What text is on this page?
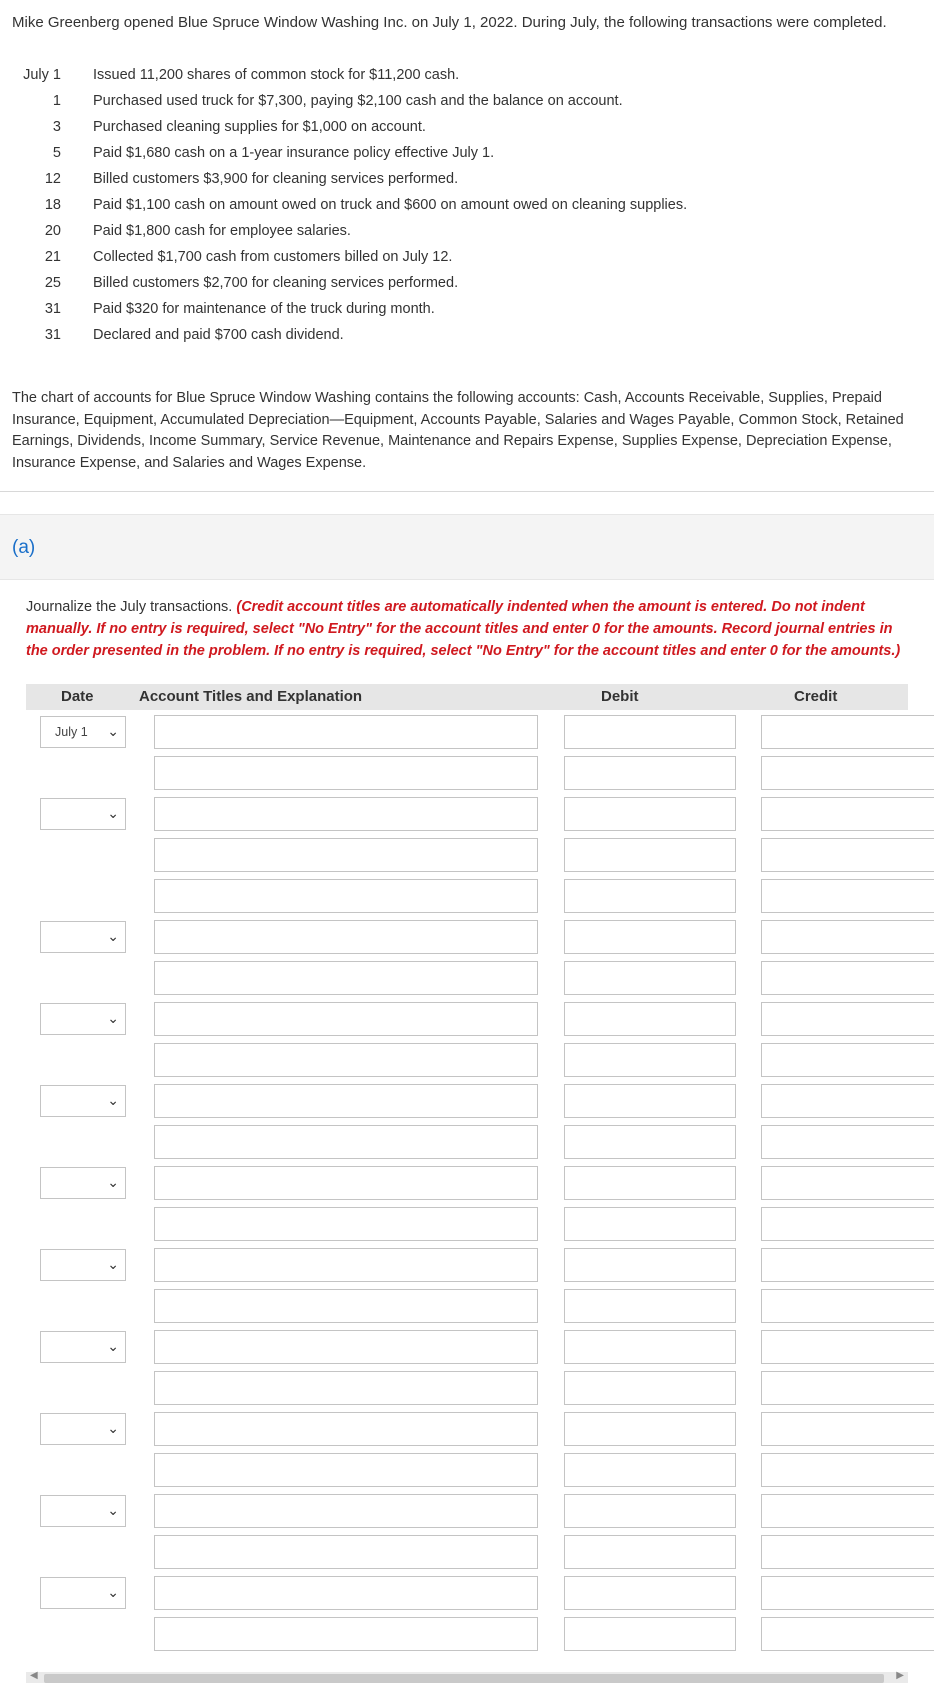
Mike Greenberg opened Blue Spruce Window Washing Inc. on July 1, 2022. During July, the following transactions were completed.
July 1 Issued 11,200 shares of common stock for $11,200 cash.
1 Purchased used truck for $7,300, paying $2,100 cash and the balance on account.
3 Purchased cleaning supplies for $1,000 on account.
5 Paid $1,680 cash on a 1-year insurance policy effective July 1.
12 Billed customers $3,900 for cleaning services performed.
18 Paid $1,100 cash on amount owed on truck and $600 on amount owed on cleaning supplies.
20 Paid $1,800 cash for employee salaries.
21 Collected $1,700 cash from customers billed on July 12.
25 Billed customers $2,700 for cleaning services performed.
31 Paid $320 for maintenance of the truck during month.
31 Declared and paid $700 cash dividend.
The chart of accounts for Blue Spruce Window Washing contains the following accounts: Cash, Accounts Receivable, Supplies, Prepaid Insurance, Equipment, Accumulated Depreciation—Equipment, Accounts Payable, Salaries and Wages Payable, Common Stock, Retained Earnings, Dividends, Income Summary, Service Revenue, Maintenance and Repairs Expense, Supplies Expense, Depreciation Expense, Insurance Expense, and Salaries and Wages Expense.
(a)
Journalize the July transactions. (Credit account titles are automatically indented when the amount is entered. Do not indent manually. If no entry is required, select "No Entry" for the account titles and enter 0 for the amounts. Record journal entries in the order presented in the problem. If no entry is required, select "No Entry" for the account titles and enter 0 for the amounts.)
Date	Account Titles and Explanation	Debit	Credit
July 1 ⌄
⌄
⌄
⌄
⌄
⌄
⌄
⌄
⌄
⌄
⌄
◀	▶
